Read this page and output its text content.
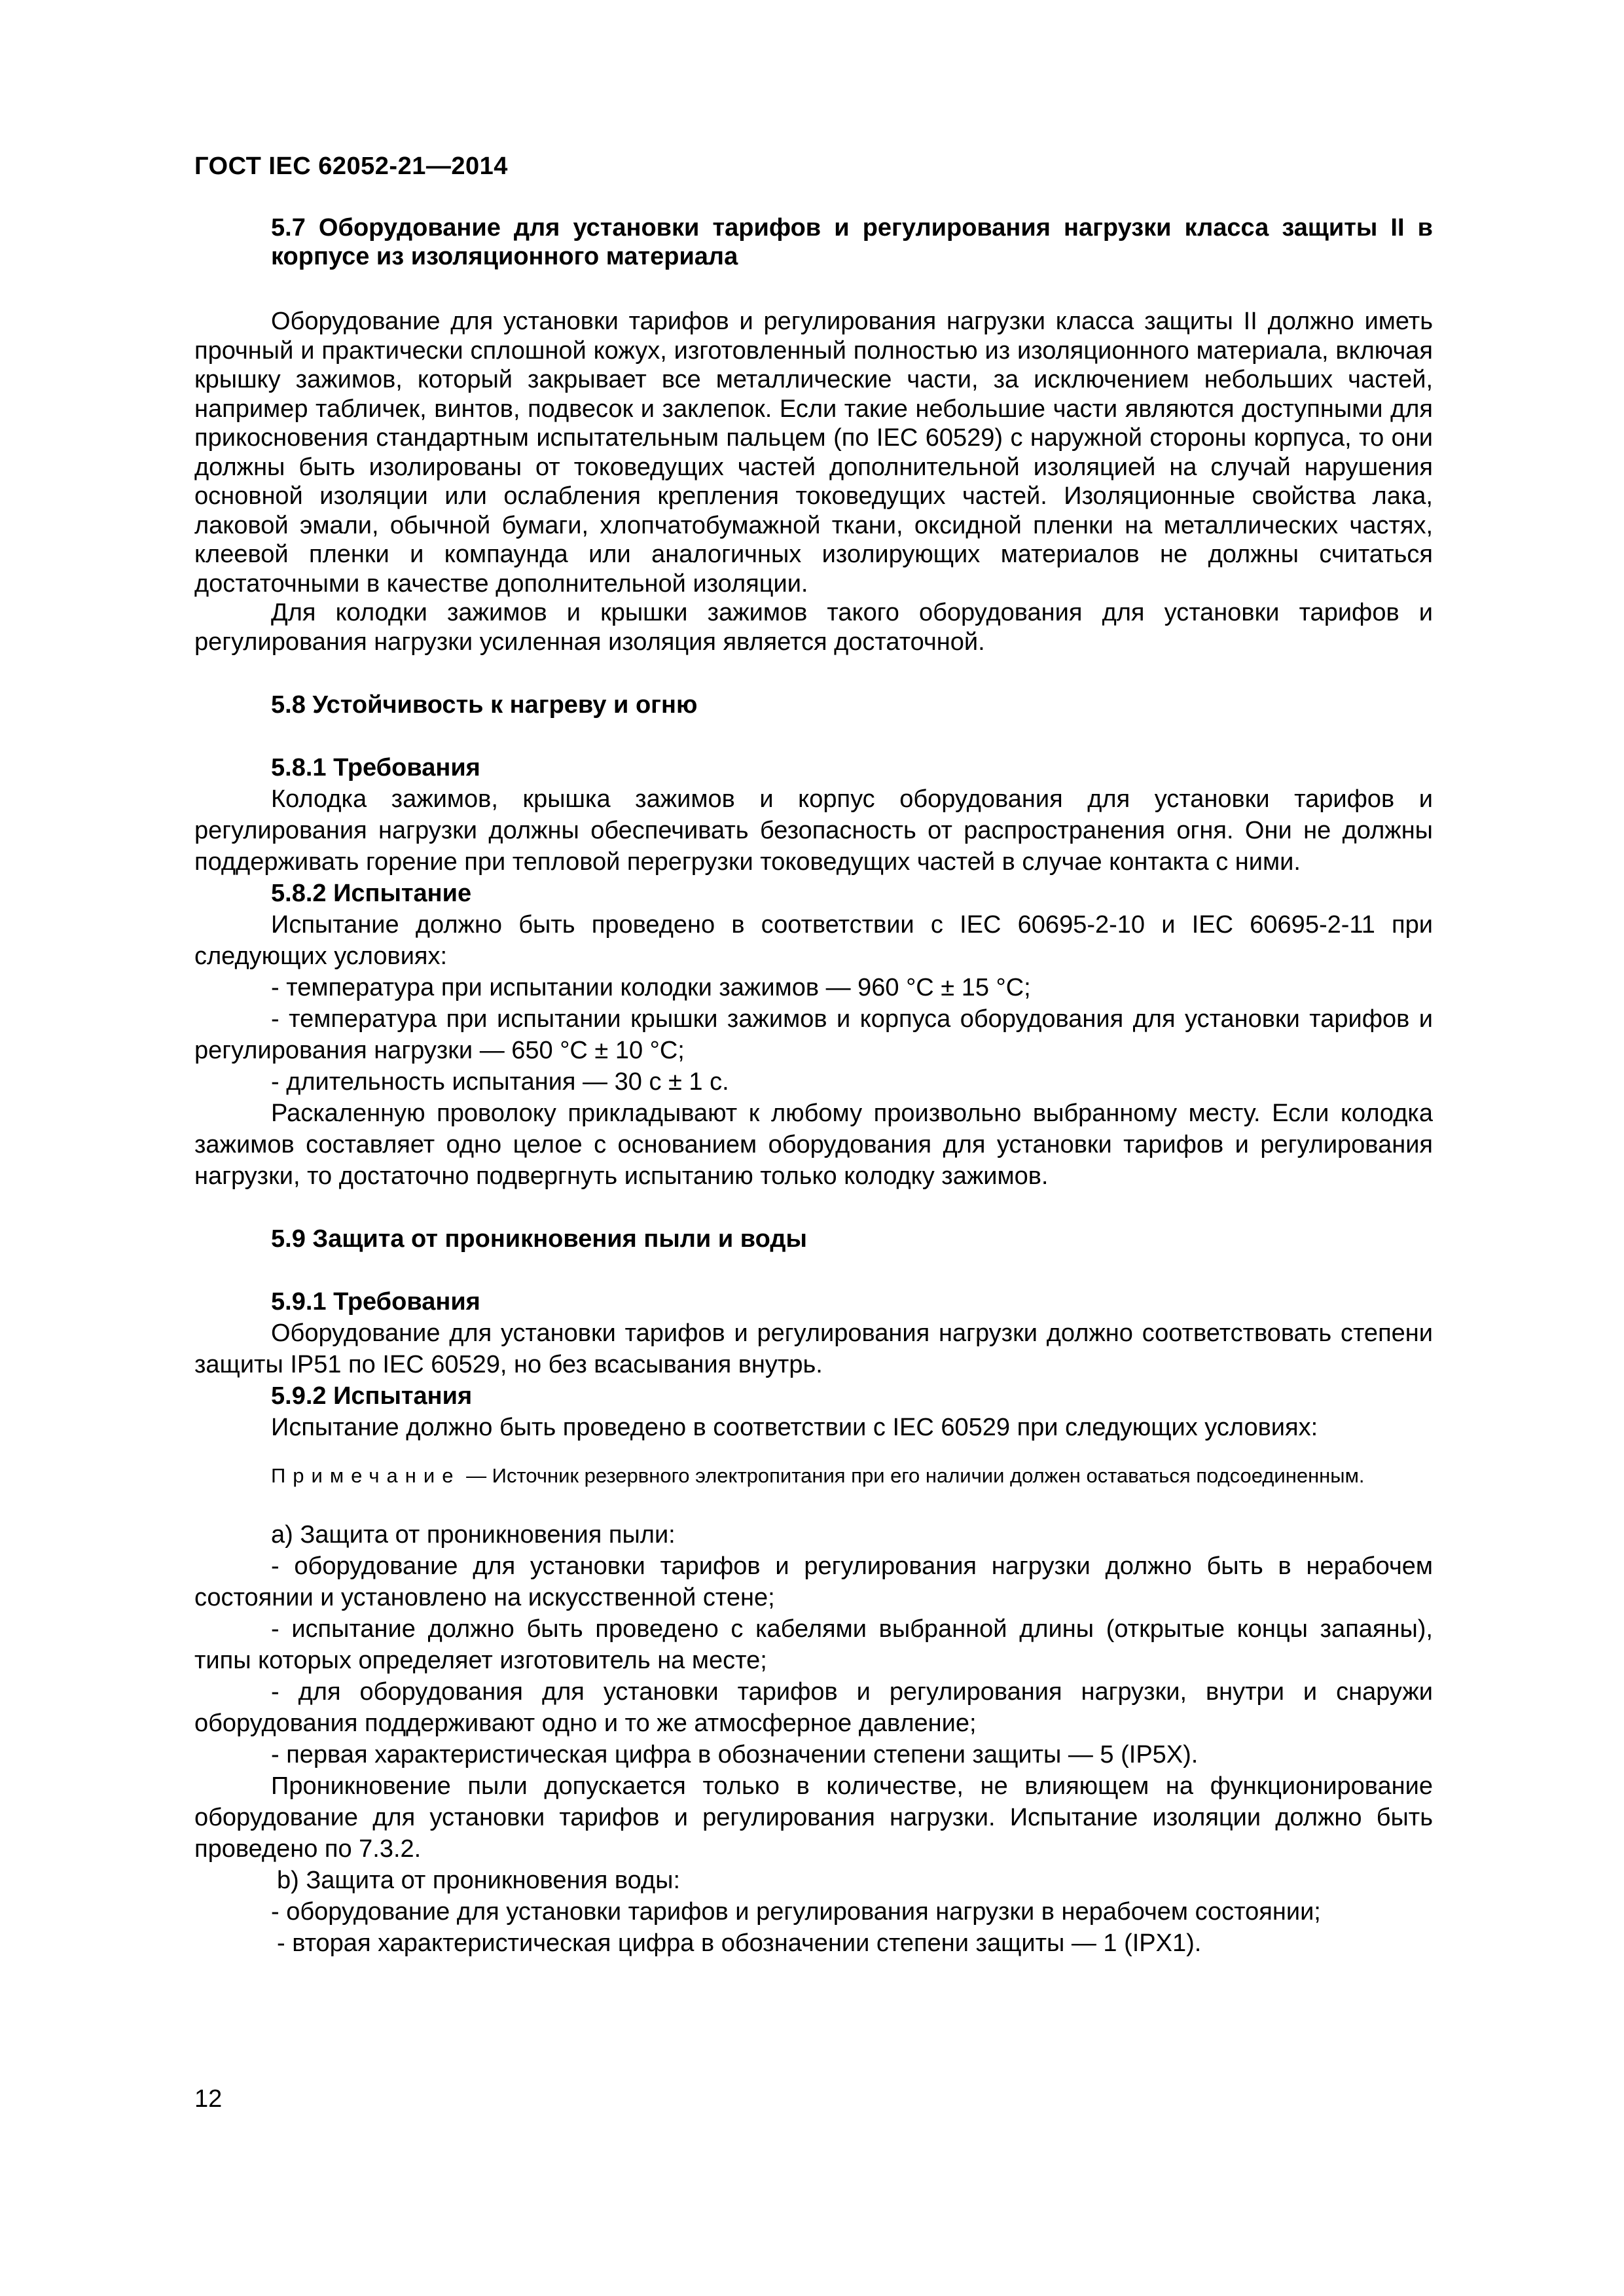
ГОСТ IEC 62052-21—2014

5.7 Оборудование для установки тарифов и регулирования нагрузки класса защиты II в корпусе из изоляционного материала

Оборудование для установки тарифов и регулирования нагрузки класса защиты II должно иметь прочный и практически сплошной кожух, изготовленный полностью из изоляционного материала, включая крышку зажимов, который закрывает все металлические части, за исключением небольших частей, например табличек, винтов, подвесок и заклепок. Если такие небольшие части являются доступными для прикосновения стандартным испытательным пальцем (по IEC 60529) с наружной стороны корпуса, то они должны быть изолированы от токоведущих частей дополнительной изоляцией на случай нарушения основной изоляции или ослабления крепления токоведущих частей. Изоляционные свойства лака, лаковой эмали, обычной бумаги, хлопчатобумажной ткани, оксидной пленки на металлических частях, клеевой пленки и компаунда или аналогичных изолирующих материалов не должны считаться достаточными в качестве дополнительной изоляции.

Для колодки зажимов и крышки зажимов такого оборудования для установки тарифов и регулирования нагрузки усиленная изоляция является достаточной.

5.8 Устойчивость к нагреву и огню

5.8.1 Требования

Колодка зажимов, крышка зажимов и корпус оборудования для установки тарифов и регулирования нагрузки должны обеспечивать безопасность от распространения огня. Они не должны поддерживать горение при тепловой перегрузки токоведущих частей в случае контакта с ними.

5.8.2 Испытание

Испытание должно быть проведено в соответствии с IEC 60695-2-10 и IEC 60695-2-11 при следующих условиях:

- температура при испытании колодки зажимов — 960 °С ± 15 °С;

- температура при испытании крышки зажимов и корпуса оборудования для установки тарифов и регулирования нагрузки — 650 °С ± 10 °С;

- длительность испытания — 30 с ± 1 с.

Раскаленную проволоку прикладывают к любому произвольно выбранному месту. Если колодка зажимов составляет одно целое с основанием оборудования для установки тарифов и регулирования нагрузки, то достаточно подвергнуть испытанию только колодку зажимов.

5.9 Защита от проникновения пыли и воды

5.9.1 Требования

Оборудование для установки тарифов и регулирования нагрузки должно соответствовать степени защиты IP51 по IEC 60529, но без всасывания внутрь.

5.9.2 Испытания

Испытание должно быть проведено в соответствии с IEC 60529 при следующих условиях:

Примечание — Источник резервного электропитания при его наличии должен оставаться подсоединенным.

а) Защита от проникновения пыли:

- оборудование для установки тарифов и регулирования нагрузки должно быть в нерабочем состоянии и установлено на искусственной стене;

- испытание должно быть проведено с кабелями выбранной длины (открытые концы запаяны), типы которых определяет изготовитель на месте;

- для оборудования для установки тарифов и регулирования нагрузки, внутри и снаружи оборудования поддерживают одно и то же атмосферное давление;

- первая характеристическая цифра в обозначении степени защиты — 5 (IP5X).

Проникновение пыли допускается только в количестве, не влияющем на функционирование оборудование для установки тарифов и регулирования нагрузки. Испытание изоляции должно быть проведено по 7.3.2.

b) Защита от проникновения воды:

- оборудование для установки тарифов и регулирования нагрузки в нерабочем состоянии;

- вторая характеристическая цифра в обозначении степени защиты — 1 (IPX1).

12
